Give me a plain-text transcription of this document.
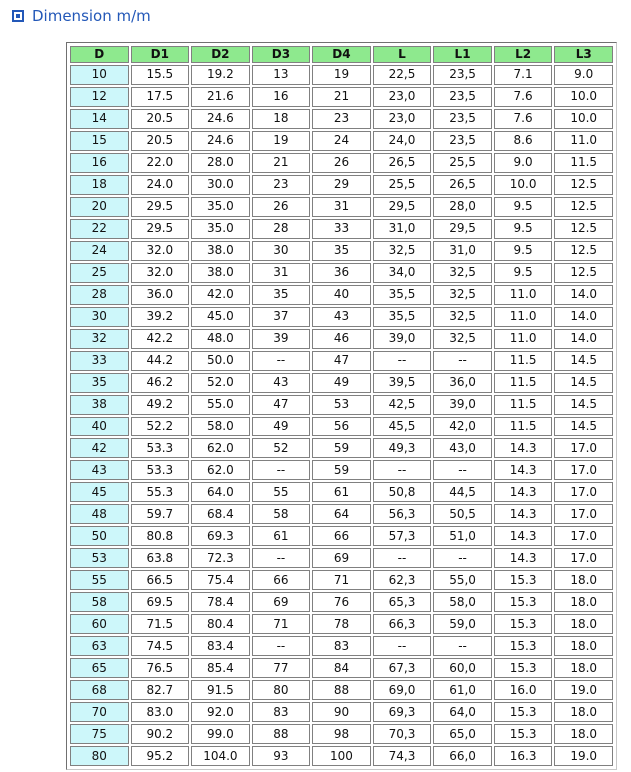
Dimension m/m
D	D1	D2	D3	D4	L	L1	L2	L3
10	15.5	19.2	13	19	22,5	23,5	7.1	9.0
12	17.5	21.6	16	21	23,0	23,5	7.6	10.0
14	20.5	24.6	18	23	23,0	23,5	7.6	10.0
15	20.5	24.6	19	24	24,0	23,5	8.6	11.0
16	22.0	28.0	21	26	26,5	25,5	9.0	11.5
18	24.0	30.0	23	29	25,5	26,5	10.0	12.5
20	29.5	35.0	26	31	29,5	28,0	9.5	12.5
22	29.5	35.0	28	33	31,0	29,5	9.5	12.5
24	32.0	38.0	30	35	32,5	31,0	9.5	12.5
25	32.0	38.0	31	36	34,0	32,5	9.5	12.5
28	36.0	42.0	35	40	35,5	32,5	11.0	14.0
30	39.2	45.0	37	43	35,5	32,5	11.0	14.0
32	42.2	48.0	39	46	39,0	32,5	11.0	14.0
33	44.2	50.0	--	47	--	--	11.5	14.5
35	46.2	52.0	43	49	39,5	36,0	11.5	14.5
38	49.2	55.0	47	53	42,5	39,0	11.5	14.5
40	52.2	58.0	49	56	45,5	42,0	11.5	14.5
42	53.3	62.0	52	59	49,3	43,0	14.3	17.0
43	53.3	62.0	--	59	--	--	14.3	17.0
45	55.3	64.0	55	61	50,8	44,5	14.3	17.0
48	59.7	68.4	58	64	56,3	50,5	14.3	17.0
50	80.8	69.3	61	66	57,3	51,0	14.3	17.0
53	63.8	72.3	--	69	--	--	14.3	17.0
55	66.5	75.4	66	71	62,3	55,0	15.3	18.0
58	69.5	78.4	69	76	65,3	58,0	15.3	18.0
60	71.5	80.4	71	78	66,3	59,0	15.3	18.0
63	74.5	83.4	--	83	--	--	15.3	18.0
65	76.5	85.4	77	84	67,3	60,0	15.3	18.0
68	82.7	91.5	80	88	69,0	61,0	16.0	19.0
70	83.0	92.0	83	90	69,3	64,0	15.3	18.0
75	90.2	99.0	88	98	70,3	65,0	15.3	18.0
80	95.2	104.0	93	100	74,3	66,0	16.3	19.0
